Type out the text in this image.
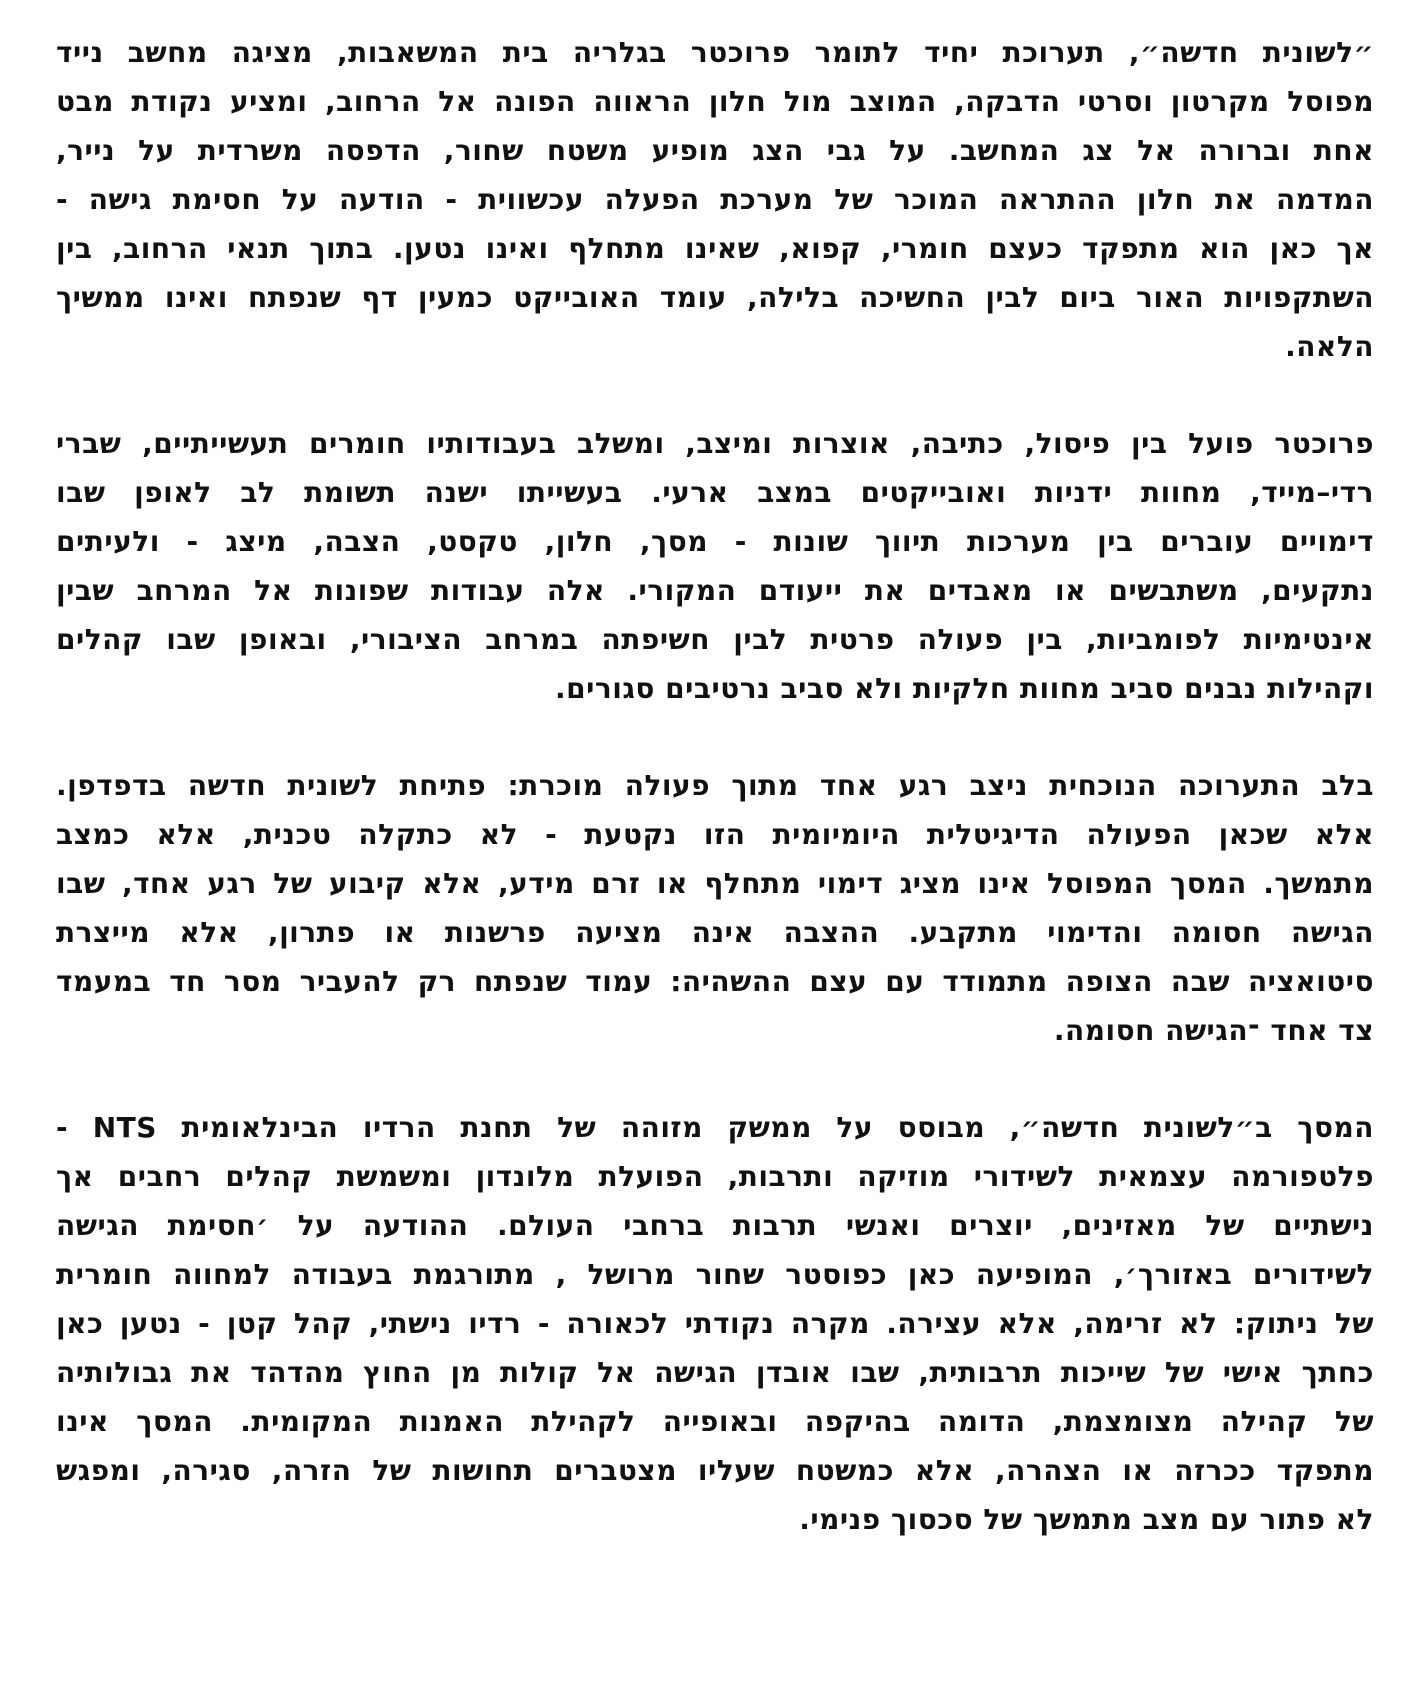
״לשונית חדשה״, תערוכת יחיד לתומר פרוכטר בגלריה בית המשאבות, מציגה מחשב נייד
מפוסל מקרטון וסרטי הדבקה, המוצב מול חלון הראווה הפונה אל הרחוב, ומציע נקודת מבט
אחת וברורה אל צג המחשב. על גבי הצג מופיע משטח שחור, הדפסה משרדית על נייר,
המדמה את חלון ההתראה המוכר של מערכת הפעלה עכשווית - הודעה על חסימת גישה -
אך כאן הוא מתפקד כעצם חומרי, קפוא, שאינו מתחלף ואינו נטען. בתוך תנאי הרחוב, בין
השתקפויות האור ביום לבין החשיכה בלילה, עומד האובייקט כמעין דף שנפתח ואינו ממשיך
הלאה.
פרוכטר פועל בין פיסול, כתיבה, אוצרות ומיצב, ומשלב בעבודותיו חומרים תעשייתיים, שברי
רדי–מייד, מחוות ידניות ואובייקטים במצב ארעי. בעשייתו ישנה תשומת לב לאופן שבו
דימויים עוברים בין מערכות תיווך שונות - מסך, חלון, טקסט, הצבה, מיצג - ולעיתים
נתקעים, משתבשים או מאבדים את ייעודם המקורי. אלה עבודות שפונות אל המרחב שבין
אינטימיות לפומביות, בין פעולה פרטית לבין חשיפתה במרחב הציבורי, ובאופן שבו קהלים
וקהילות נבנים סביב מחוות חלקיות ולא סביב נרטיבים סגורים.
בלב התערוכה הנוכחית ניצב רגע אחד מתוך פעולה מוכרת: פתיחת לשונית חדשה בדפדפן.
אלא שכאן הפעולה הדיגיטלית היומיומית הזו נקטעת - לא כתקלה טכנית, אלא כמצב
מתמשך. המסך המפוסל אינו מציג דימוי מתחלף או זרם מידע, אלא קיבוע של רגע אחד, שבו
הגישה חסומה והדימוי מתקבע. ההצבה אינה מציעה פרשנות או פתרון, אלא מייצרת
סיטואציה שבה הצופה מתמודד עם עצם ההשהיה: עמוד שנפתח רק להעביר מסר חד במעמד
צד אחד ־הגישה חסומה.
המסך ב״לשונית חדשה״, מבוסס על ממשק מזוהה של תחנת הרדיו הבינלאומית NTS -
פלטפורמה עצמאית לשידורי מוזיקה ותרבות, הפועלת מלונדון ומשמשת קהלים רחבים אך
נישתיים של מאזינים, יוצרים ואנשי תרבות ברחבי העולם. ההודעה על ׳חסימת הגישה
לשידורים באזורך׳, המופיעה כאן כפוסטר שחור מרושל , מתורגמת בעבודה למחווה חומרית
של ניתוק: לא זרימה, אלא עצירה. מקרה נקודתי לכאורה - רדיו נישתי, קהל קטן - נטען כאן
כחתך אישי של שייכות תרבותית, שבו אובדן הגישה אל קולות מן החוץ מהדהד את גבולותיה
של קהילה מצומצמת, הדומה בהיקפה ובאופייה לקהילת האמנות המקומית. המסך אינו
מתפקד ככרזה או הצהרה, אלא כמשטח שעליו מצטברים תחושות של הזרה, סגירה, ומפגש
לא פתור עם מצב מתמשך של סכסוך פנימי.
